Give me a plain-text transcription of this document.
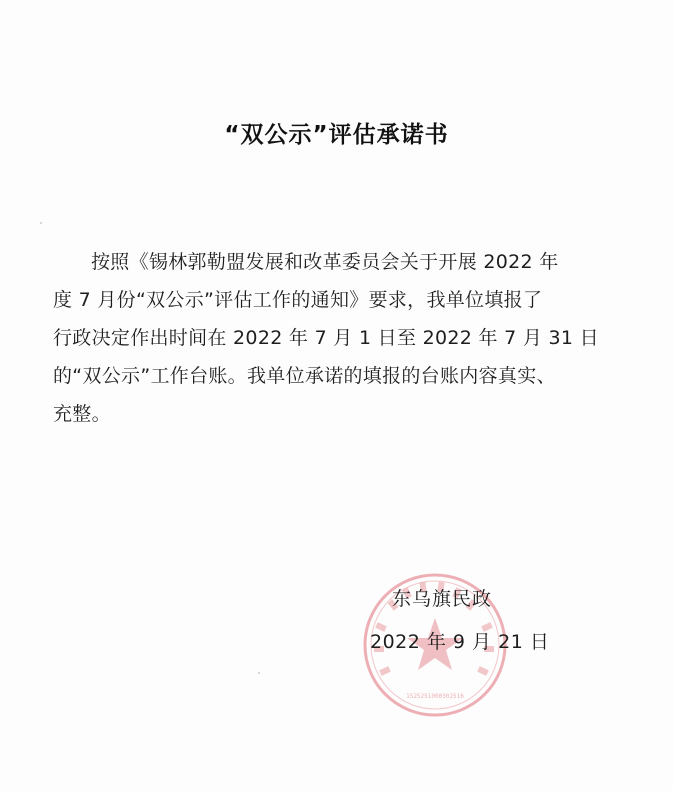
“双公示”评估承诺书
按照《锡林郭勒盟发展和改革委员会关于开展 2022 年
度 7 月份“双公示”评估工作的通知》要求，我单位填报了
行政决定作出时间在 2022 年 7 月 1 日至 2022 年 7 月 31 日
的“双公示”工作台账。我单位承诺的填报的台账内容真实、
充整。
1525251000302516
东乌旗民政
2022 年 9 月 21 日
